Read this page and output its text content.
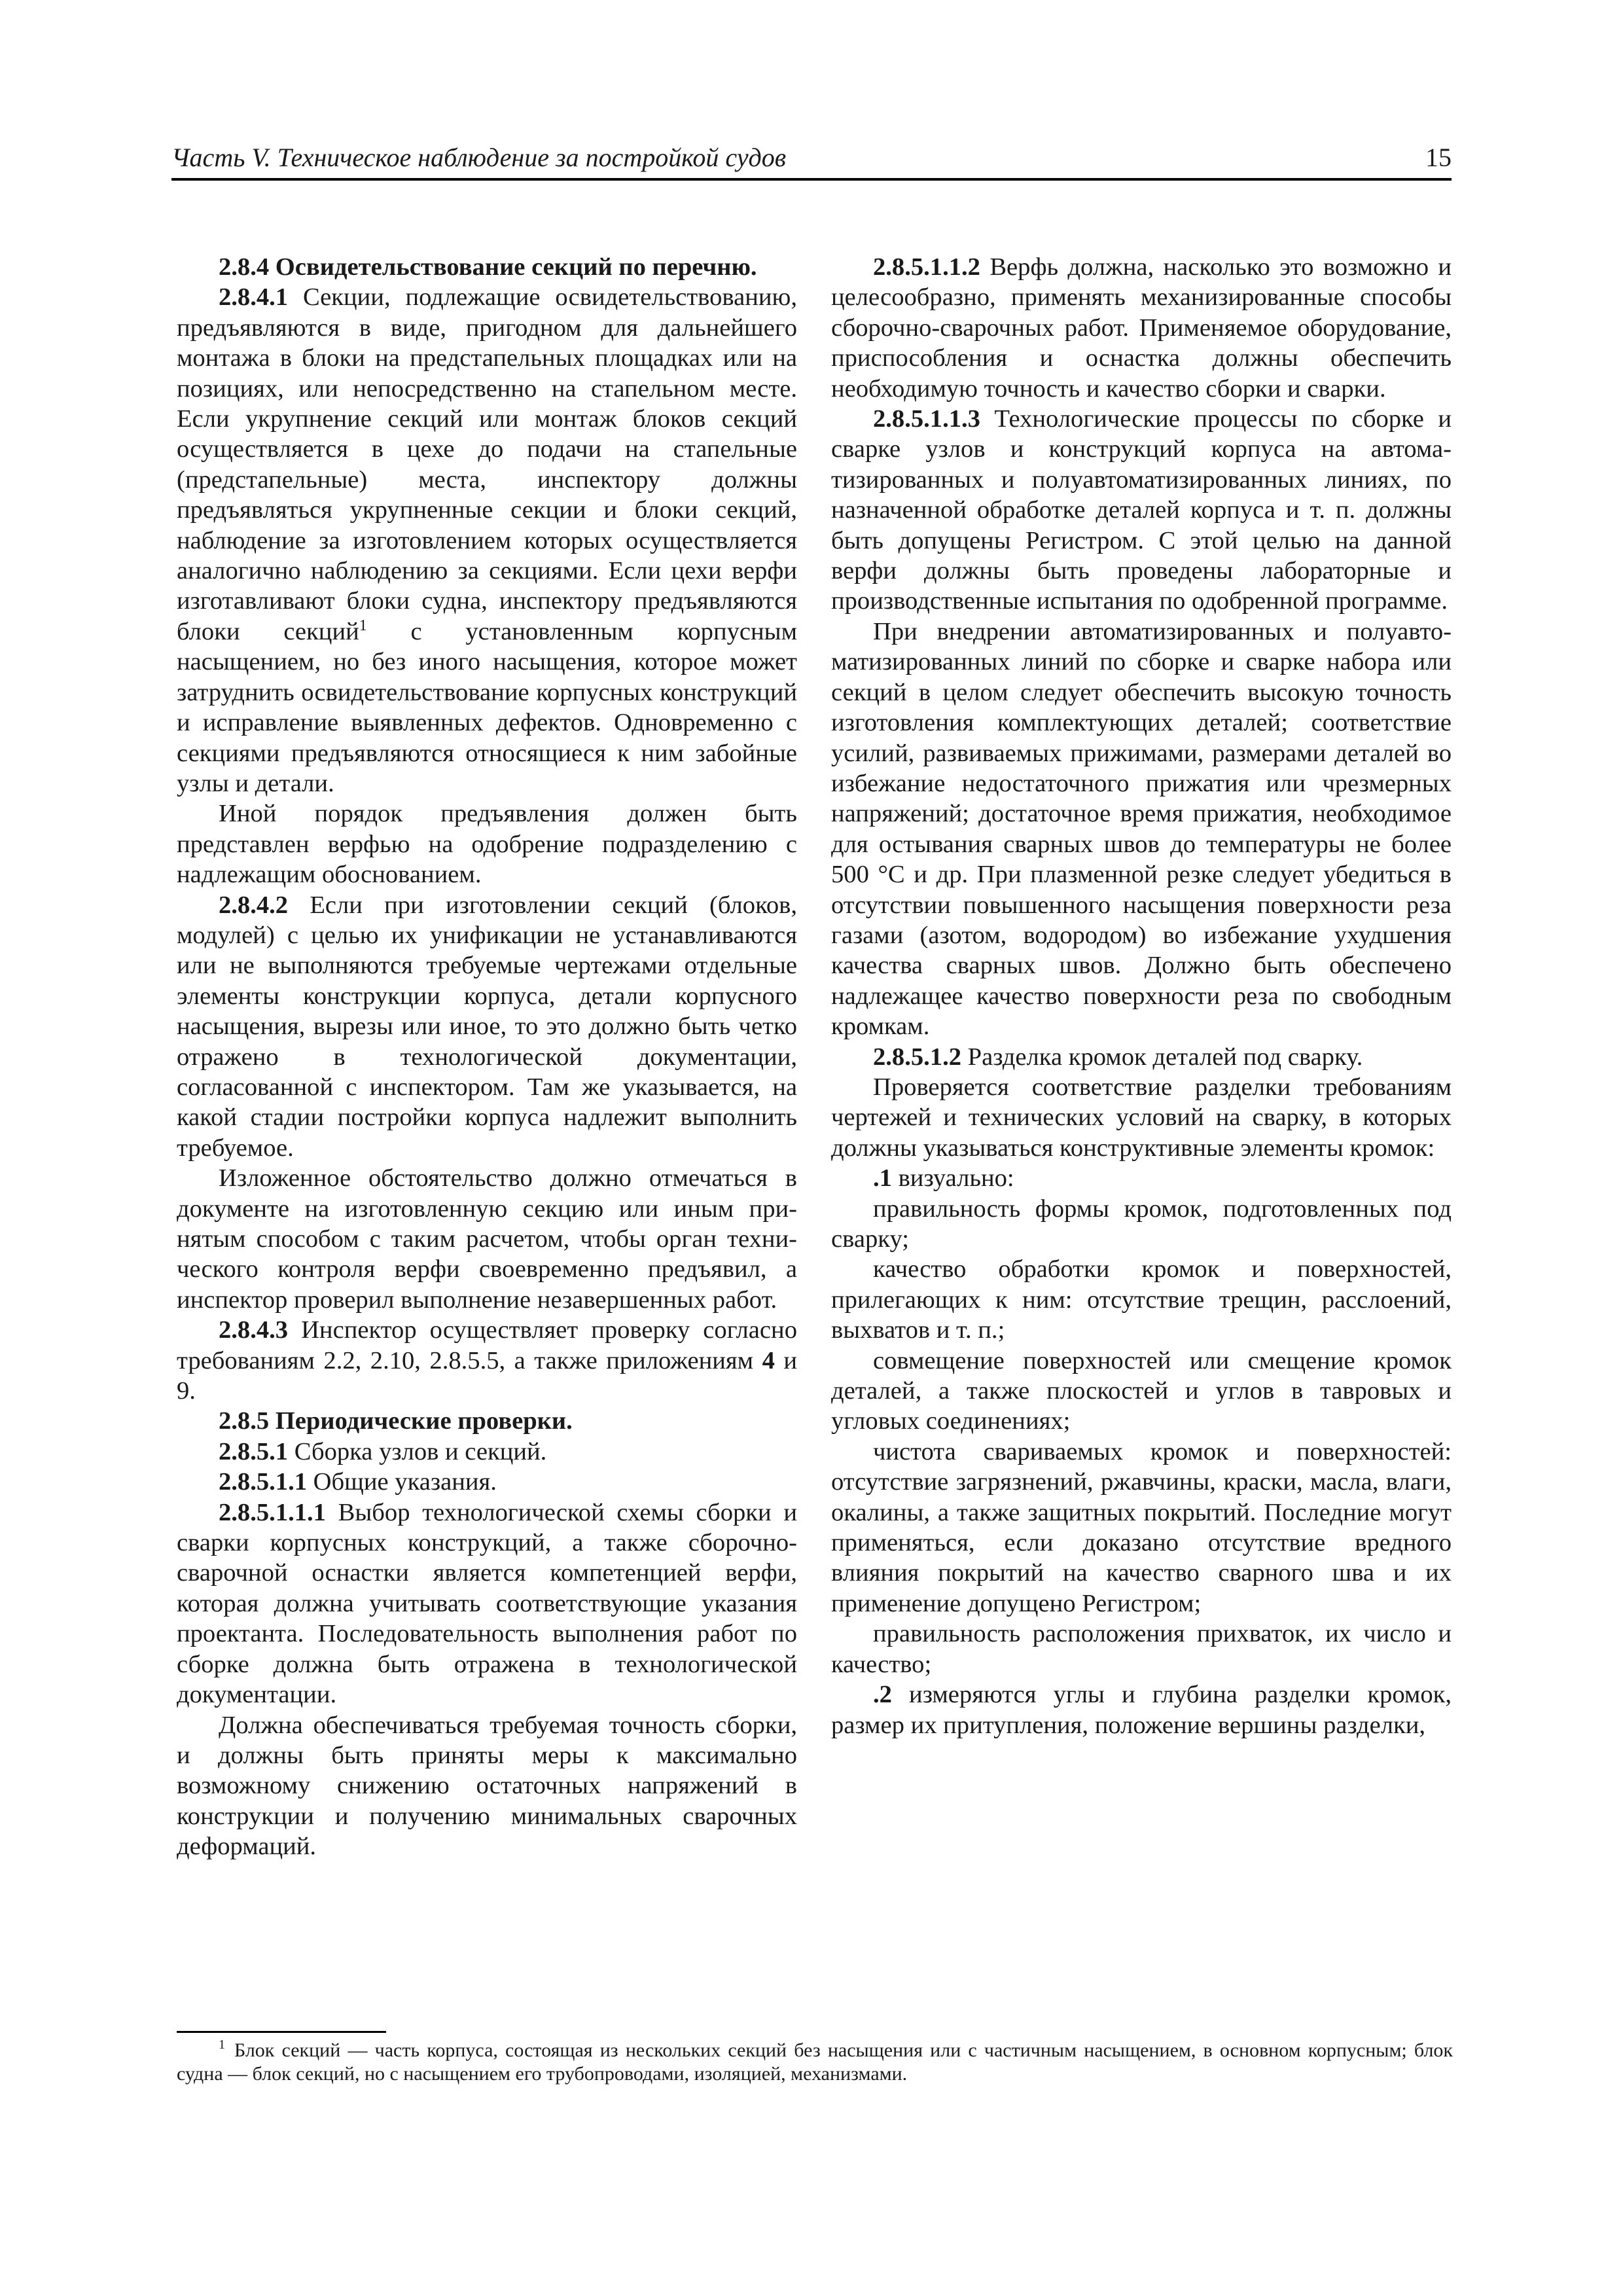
Часть V. Техническое наблюдение за постройкой судов	15

2.8.4 Освидетельствование секций по перечню.

2.8.4.1 Секции, подлежащие освидетельствованию, предъявляются в виде, пригодном для дальнейшего монтажа в блоки на предстапельных площадках или на позициях, или непосредственно на стапельном месте. Если укрупнение секций или монтаж блоков секций осуществляется в цехе до подачи на стапельные (предстапельные) места, инспектору должны предъявляться укрупненные секции и блоки секций, наблюдение за изготовлением которых осуществляется аналогично наблюдению за секциями. Если цехи верфи изготавливают блоки судна, инспектору предъявляются блоки секций$^1$ с установленным корпусным насыщением, но без иного насыщения, которое может затруднить освидетельствование корпусных конструкций и исправление выявленных дефектов. Одновременно с секциями предъявляются относящиеся к ним забойные узлы и детали.

Иной порядок предъявления должен быть представлен верфью на одобрение подразделению с надлежащим обоснованием.

2.8.4.2 Если при изготовлении секций (блоков, модулей) с целью их унификации не устанавливаются или не выполняются требуемые чертежами отдельные элементы конструкции корпуса, детали корпусного насыщения, вырезы или иное, то это должно быть четко отражено в технологической документации, согласованной с инспектором. Там же указывается, на какой стадии постройки корпуса надлежит выполнить требуемое.

Изложенное обстоятельство должно отмечаться в документе на изготовленную секцию или иным принятым способом с таким расчетом, чтобы орган технического контроля верфи своевременно предъявил, а инспектор проверил выполнение незавершенных работ.

2.8.4.3 Инспектор осуществляет проверку согласно требованиям 2.2, 2.10, 2.8.5.5, а также приложениям 4 и 9.

2.8.5 Периодические проверки.

2.8.5.1 Сборка узлов и секций.

2.8.5.1.1 Общие указания.

2.8.5.1.1.1 Выбор технологической схемы сборки и сварки корпусных конструкций, а также сборочносварочной оснастки является компетенцией верфи, которая должна учитывать соответствующие указания проектанта. Последовательность выполнения работ по сборке должна быть отражена в технологической документации.

Должна обеспечиваться требуемая точность сборки, и должны быть приняты меры к максимально возможному снижению остаточных напряжений в конструкции и получению минимальных сварочных деформаций.

2.8.5.1.1.2 Верфь должна, насколько это возможно и целесообразно, применять механизированные способы сборочно-сварочных работ. Применяемое оборудование, приспособления и оснастка должны обеспечить необходимую точность и качество сборки и сварки.

2.8.5.1.1.3 Технологические процессы по сборке и сварке узлов и конструкций корпуса на автоматизированных и полуавтоматизированных линиях, по назначенной обработке деталей корпуса и т. п. должны быть допущены Регистром. С этой целью на данной верфи должны быть проведены лабораторные и производственные испытания по одобренной программе.

При внедрении автоматизированных и полуавтоматизированных линий по сборке и сварке набора или секций в целом следует обеспечить высокую точность изготовления комплектующих деталей; соответствие усилий, развиваемых прижимами, размерами деталей во избежание недостаточного прижатия или чрезмерных напряжений; достаточное время прижатия, необходимое для остывания сварных швов до температуры не более 500 °С и др. При плазменной резке следует убедиться в отсутствии повышенного насыщения поверхности реза газами (азотом, водородом) во избежание ухудшения качества сварных швов. Должно быть обеспечено надлежащее качество поверхности реза по свободным кромкам.

2.8.5.1.2 Разделка кромок деталей под сварку.

Проверяется соответствие разделки требованиям чертежей и технических условий на сварку, в которых должны указываться конструктивные элементы кромок:

.1 визуально:

правильность формы кромок, подготовленных под сварку;

качество обработки кромок и поверхностей, прилегающих к ним: отсутствие трещин, расслоений, выхватов и т. п.;

совмещение поверхностей или смещение кромок деталей, а также плоскостей и углов в тавровых и угловых соединениях;

чистота свариваемых кромок и поверхностей: отсутствие загрязнений, ржавчины, краски, масла, влаги, окалины, а также защитных покрытий. Последние могут применяться, если доказано отсутствие вредного влияния покрытий на качество сварного шва и их применение допущено Регистром;

правильность расположения прихваток, их число и качество;

.2 измеряются углы и глубина разделки кромок, размер их притупления, положение вершины разделки,

$^1$ Блок секций — часть корпуса, состоящая из нескольких секций без насыщения или с частичным насыщением, в основном корпусным; блок судна — блок секций, но с насыщением его трубопроводами, изоляцией, механизмами.
